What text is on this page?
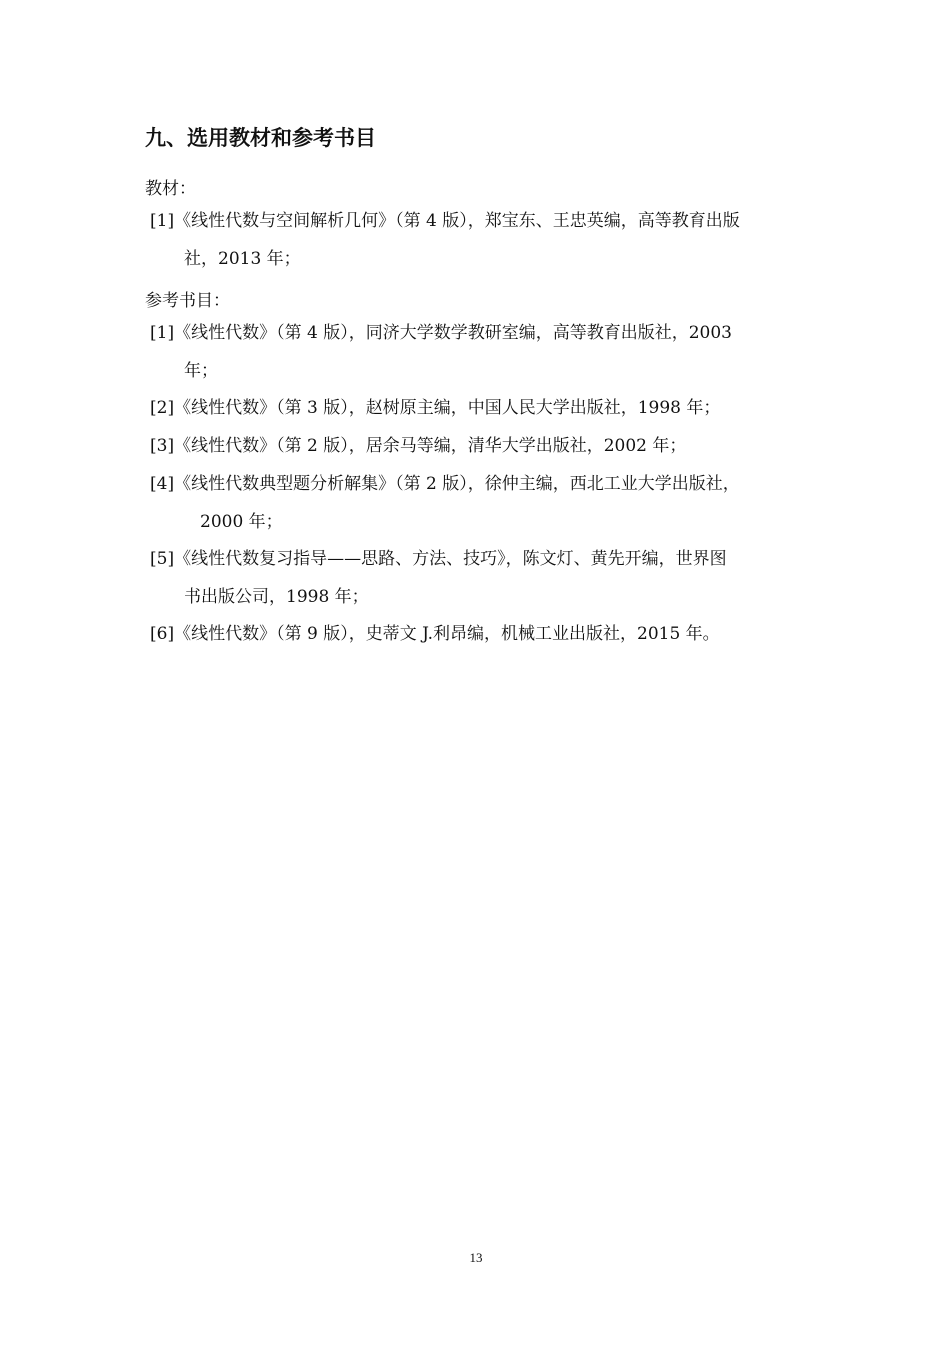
九、选用教材和参考书目
教材：
[1]《线性代数与空间解析几何》（第 4 版），郑宝东、王忠英编，高等教育出版
社，2013 年；
参考书目：
[1]《线性代数》（第 4 版），同济大学数学教研室编，高等教育出版社，2003
年；
[2]《线性代数》（第 3 版），赵树原主编，中国人民大学出版社，1998 年；
[3]《线性代数》（第 2 版），居余马等编，清华大学出版社，2002 年；
[4]《线性代数典型题分析解集》（第 2 版），徐仲主编，西北工业大学出版社，
2000 年；
[5]《线性代数复习指导——思路、方法、技巧》，陈文灯、黄先开编，世界图
书出版公司，1998 年；
[6]《线性代数》（第 9 版），史蒂文 J.利昂编，机械工业出版社，2015 年。
13
